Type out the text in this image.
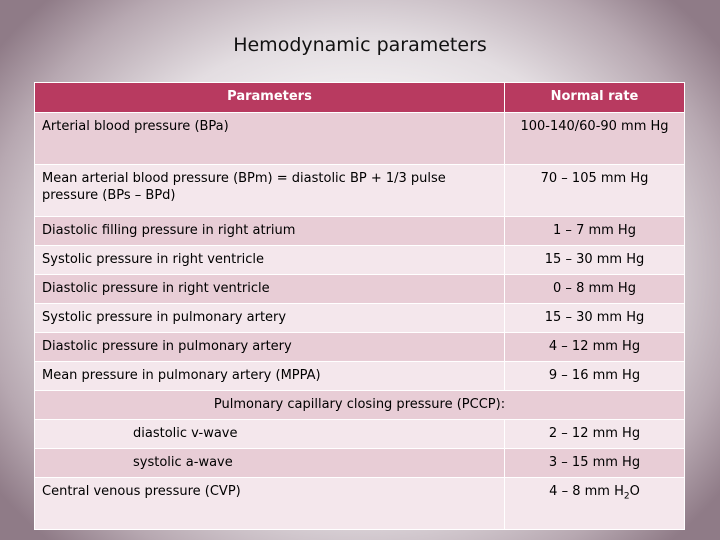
Hemodynamic parameters
Parameters	Normal rate
Arterial blood pressure (BPa)	100-140/60-90 mm Hg
Mean arterial blood pressure (BPm) = diastolic BP + 1/3 pulse pressure (BPs – BPd)	70 – 105 mm Hg
Diastolic filling pressure in right atrium	1 – 7 mm Hg
Systolic pressure in right ventricle	15 – 30 mm Hg
Diastolic pressure in right ventricle	0 – 8 mm Hg
Systolic pressure in pulmonary artery	15 – 30 mm Hg
Diastolic pressure in pulmonary artery	4 – 12 mm Hg
Mean pressure in pulmonary artery (MPPA)	9 – 16 mm Hg
Pulmonary capillary closing pressure (PCCP):	
diastolic v-wave	2 – 12 mm Hg
systolic a-wave	3 – 15 mm Hg
Central venous pressure (CVP)	4 – 8 mm $H_2O$
